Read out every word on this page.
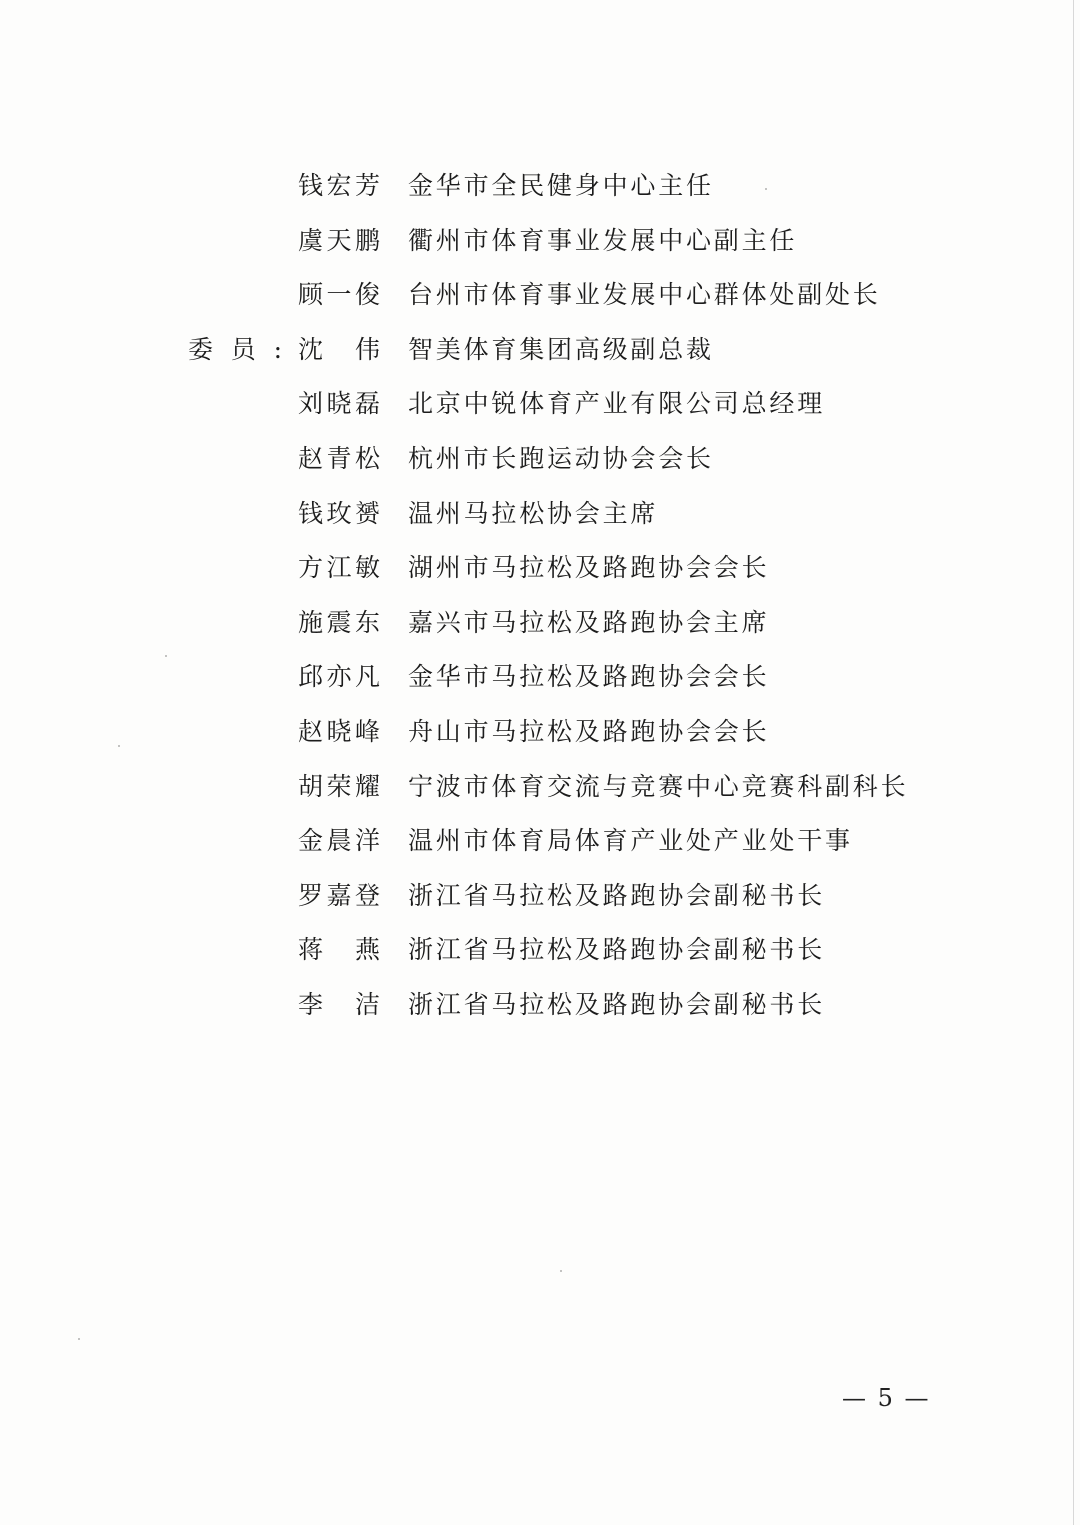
钱 宏 芳 金华市全民健身中心主任
虞 天 鹏 衢州市体育事业发展中心副主任
顾 一 俊 台州市体育事业发展中心群体处副处长
委 员 : 沈 伟 智美体育集团高级副总裁
刘 晓 磊 北京中锐体育产业有限公司总经理
赵 青 松 杭州市长跑运动协会会长
钱 玫 赟 温州马拉松协会主席
方 江 敏 湖州市马拉松及路跑协会会长
施 震 东 嘉兴市马拉松及路跑协会主席
邱 亦 凡 金华市马拉松及路跑协会会长
赵 晓 峰 舟山市马拉松及路跑协会会长
胡 荣 耀 宁波市体育交流与竞赛中心竞赛科副科长
金 晨 洋 温州市体育局体育产业处产业处干事
罗 嘉 登 浙江省马拉松及路跑协会副秘书长
蒋 燕 浙江省马拉松及路跑协会副秘书长
李 洁 浙江省马拉松及路跑协会副秘书长
— 5 —
